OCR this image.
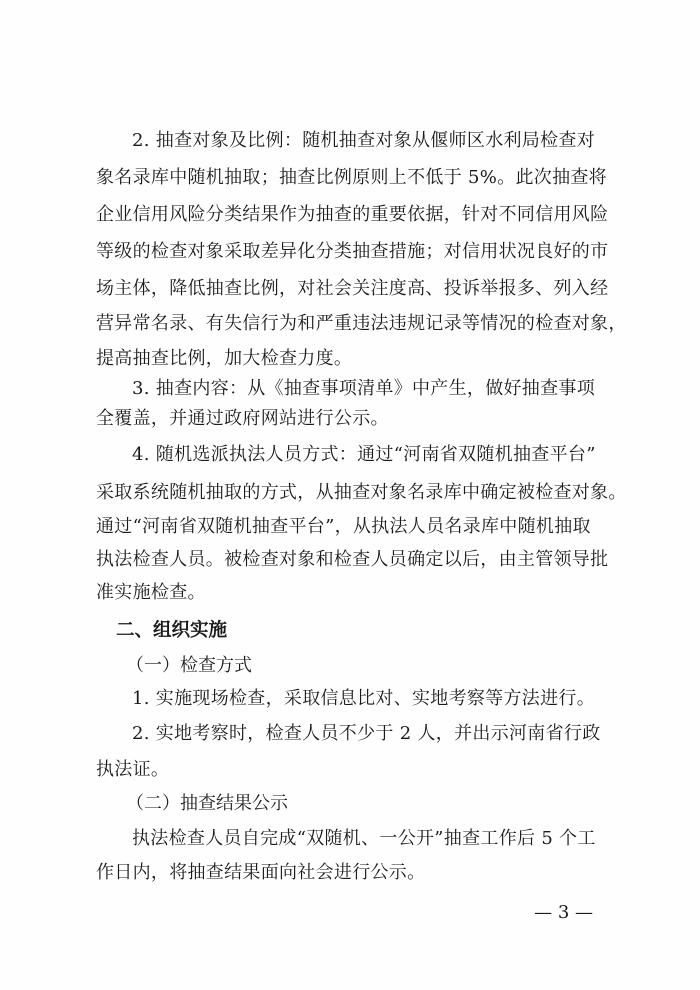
2. 抽查对象及比例：随机抽查对象从偃师区水利局检查对
象名录库中随机抽取；抽查比例原则上不低于 5%。此次抽查将
企业信用风险分类结果作为抽查的重要依据，针对不同信用风险
等级的检查对象采取差异化分类抽查措施；对信用状况良好的市
场主体，降低抽查比例，对社会关注度高、投诉举报多、列入经
营异常名录、有失信行为和严重违法违规记录等情况的检查对象，
提高抽查比例，加大检查力度。
3. 抽查内容：从《抽查事项清单》中产生，做好抽查事项
全覆盖，并通过政府网站进行公示。
4. 随机选派执法人员方式：通过“河南省双随机抽查平台”
采取系统随机抽取的方式，从抽查对象名录库中确定被检查对象。
通过“河南省双随机抽查平台”，从执法人员名录库中随机抽取
执法检查人员。被检查对象和检查人员确定以后，由主管领导批
准实施检查。
二、组织实施
（一）检查方式
1. 实施现场检查，采取信息比对、实地考察等方法进行。
2. 实地考察时，检查人员不少于 2 人，并出示河南省行政
执法证。
（二）抽查结果公示
执法检查人员自完成“双随机、一公开”抽查工作后 5 个工
作日内，将抽查结果面向社会进行公示。
— 3 —
